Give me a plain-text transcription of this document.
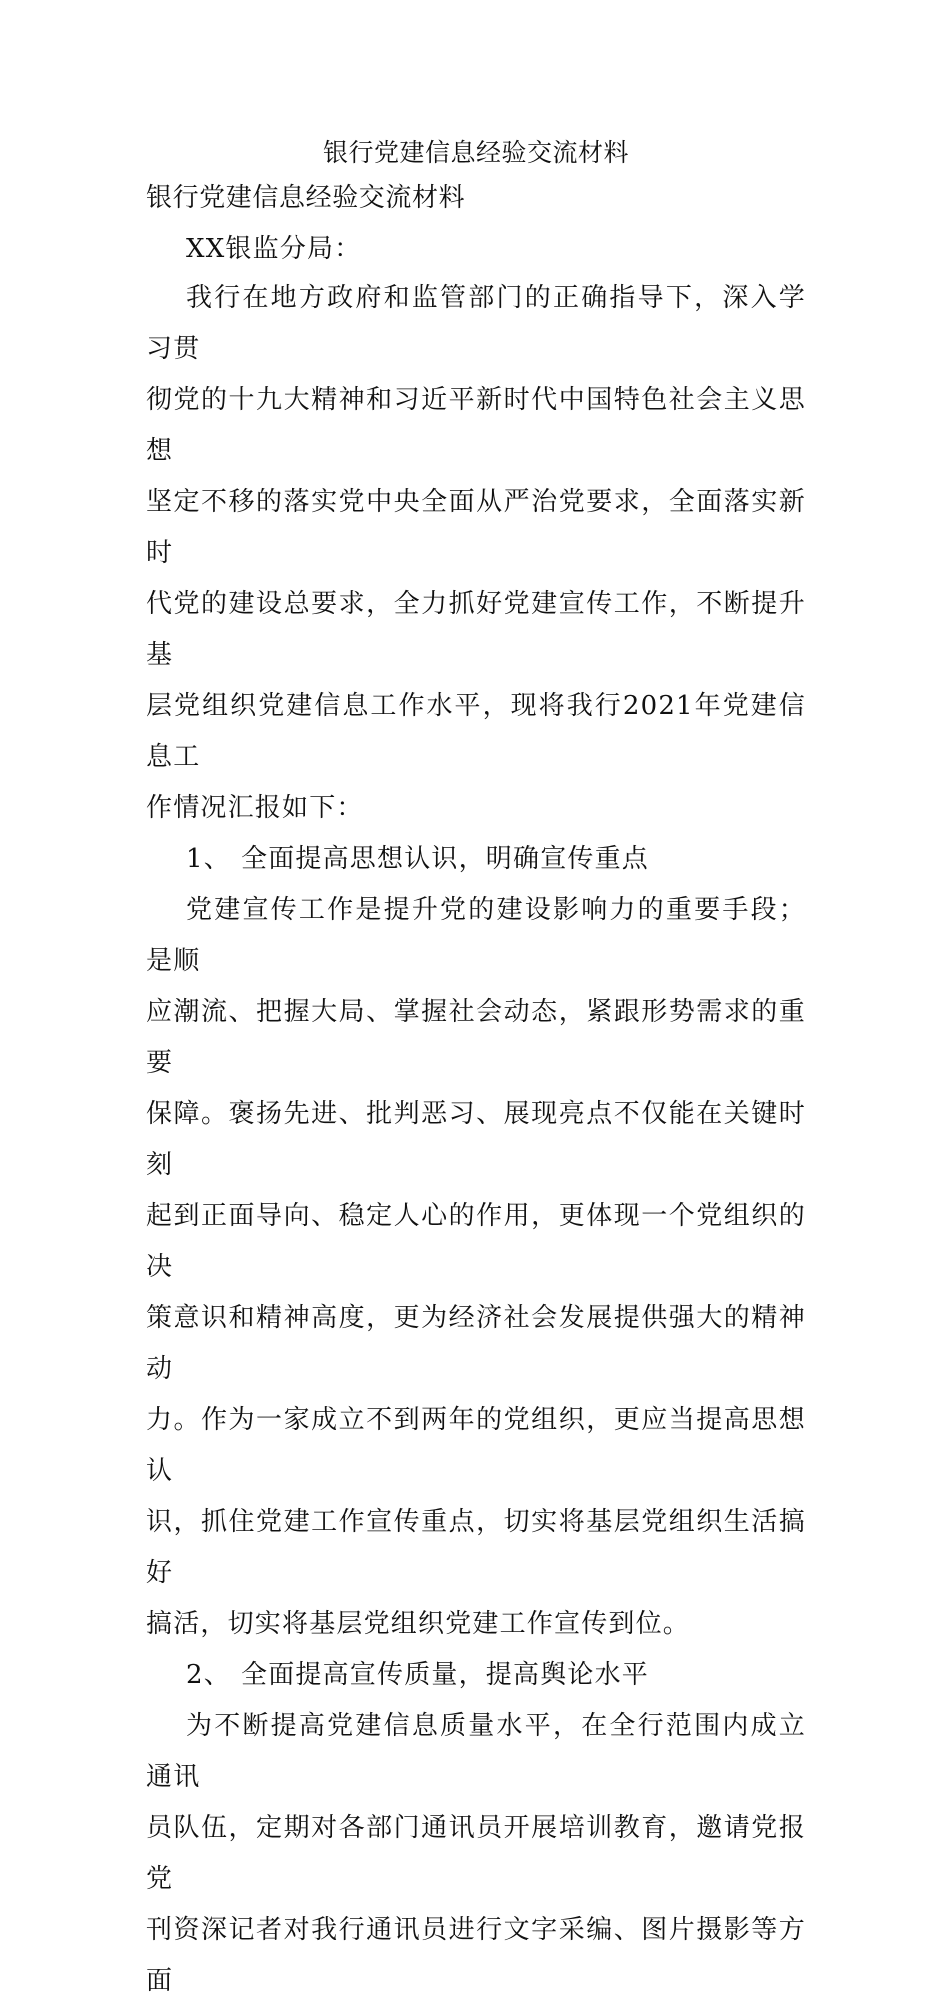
银行党建信息经验交流材料
银行党建信息经验交流材料
XX银监分局：
我行在地方政府和监管部门的正确指导下，深入学习贯
彻党的十九大精神和习近平新时代中国特色社会主义思想
坚定不移的落实党中央全面从严治党要求，全面落实新时
代党的建设总要求，全力抓好党建宣传工作，不断提升基
层党组织党建信息工作水平，现将我行2021年党建信息工
作情况汇报如下：
1、 全面提高思想认识，明确宣传重点
党建宣传工作是提升党的建设影响力的重要手段；是顺
应潮流、把握大局、掌握社会动态，紧跟形势需求的重要
保障。褒扬先进、批判恶习、展现亮点不仅能在关键时刻
起到正面导向、稳定人心的作用，更体现一个党组织的决
策意识和精神高度，更为经济社会发展提供强大的精神动
力。作为一家成立不到两年的党组织，更应当提高思想认
识，抓住党建工作宣传重点，切实将基层党组织生活搞好
搞活，切实将基层党组织党建工作宣传到位。
2、 全面提高宣传质量，提高舆论水平
为不断提高党建信息质量水平，在全行范围内成立通讯
员队伍，定期对各部门通讯员开展培训教育，邀请党报党
刊资深记者对我行通讯员进行文字采编、图片摄影等方面
